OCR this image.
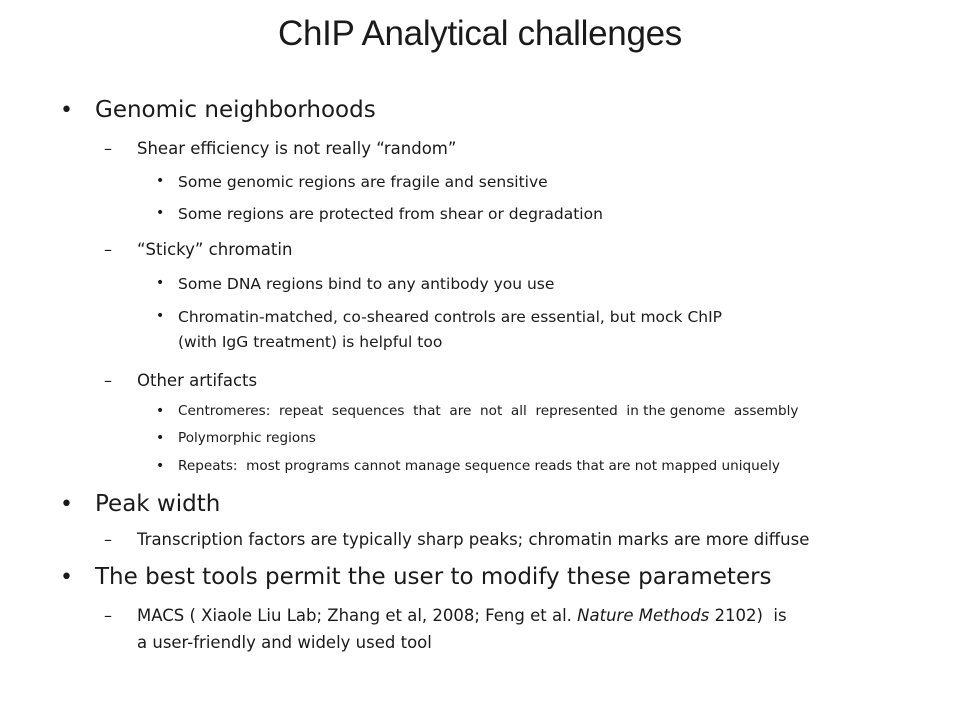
ChIP Analytical challenges
• Genomic neighborhoods
– Shear efficiency is not really “random”
• Some genomic regions are fragile and sensitive
• Some regions are protected from shear or degradation
– “Sticky” chromatin
• Some DNA regions bind to any antibody you use
• Chromatin-matched, co-sheared controls are essential, but mock ChIP
(with IgG treatment) is helpful too
– Other artifacts
• Centromeres:  repeat  sequences  that  are  not  all  represented  in the genome  assembly
• Polymorphic regions
• Repeats:  most programs cannot manage sequence reads that are not mapped uniquely
• Peak width
– Transcription factors are typically sharp peaks; chromatin marks are more diffuse
• The best tools permit the user to modify these parameters
– MACS ( Xiaole Liu Lab; Zhang et al, 2008; Feng et al. Nature Methods 2102)  is
a user-friendly and widely used tool
